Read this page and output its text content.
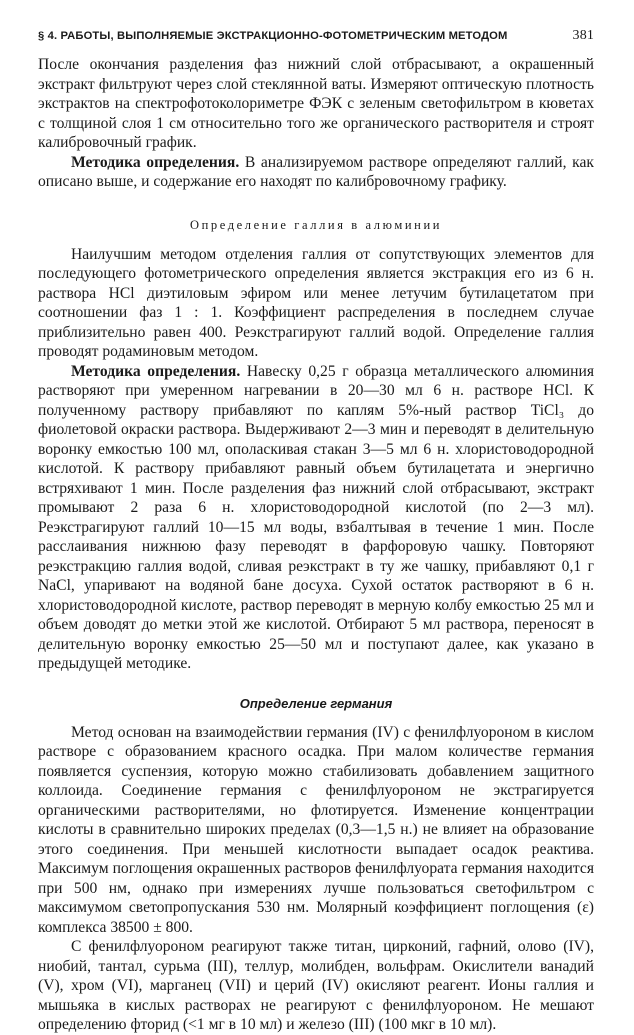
§ 4. РАБОТЫ, ВЫПОЛНЯЕМЫЕ ЭКСТРАКЦИОННО-ФОТОМЕТРИЧЕСКИМ МЕТОДОМ	381

После окончания разделения фаз нижний слой отбрасывают, а окрашенный экстракт фильтруют через слой стеклянной ваты. Измеряют оптическую плотность экстрактов на спектрофотоколориметре ФЭК с зеленым светофильтром в кюветах с толщиной слоя 1 см относительно того же органического растворителя и строят калибровочный график.

Методика определения. В анализируемом растворе определяют галлий, как описано выше, и содержание его находят по калибровочному графику.

Определение галлия в алюминии

Наилучшим методом отделения галлия от сопутствующих элементов для последующего фотометрического определения является экстракция его из 6 н. раствора HCl диэтиловым эфиром или менее летучим бутилацетатом при соотношении фаз 1 : 1. Коэффициент распределения в последнем случае приблизительно равен 400. Реэкстрагируют галлий водой. Определение галлия проводят родаминовым методом.

Методика определения. Навеску 0,25 г образца металлического алюминия растворяют при умеренном нагревании в 20—30 мл 6 н. растворе HCl. К полученному раствору прибавляют по каплям 5%-ный раствор TiCl₃ до фиолетовой окраски раствора. Выдерживают 2—3 мин и переводят в делительную воронку емкостью 100 мл, ополаскивая стакан 3—5 мл 6 н. хлористоводородной кислотой. К раствору прибавляют равный объем бутилацетата и энергично встряхивают 1 мин. После разделения фаз нижний слой отбрасывают, экстракт промывают 2 раза 6 н. хлористоводородной кислотой (по 2—3 мл). Реэкстрагируют галлий 10—15 мл воды, взбалтывая в течение 1 мин. После расслаивания нижнюю фазу переводят в фарфоровую чашку. Повторяют реэкстракцию галлия водой, сливая реэкстракт в ту же чашку, прибавляют 0,1 г NaCl, упаривают на водяной бане досуха. Сухой остаток растворяют в 6 н. хлористоводородной кислоте, раствор переводят в мерную колбу емкостью 25 мл и объем доводят до метки этой же кислотой. Отбирают 5 мл раствора, переносят в делительную воронку емкостью 25—50 мл и поступают далее, как указано в предыдущей методике.

Определение германия

Метод основан на взаимодействии германия (IV) с фенилфлуороном в кислом растворе с образованием красного осадка. При малом количестве германия появляется суспензия, которую можно стабилизовать добавлением защитного коллоида. Соединение германия с фенилфлуороном не экстрагируется органическими растворителями, но флотируется. Изменение концентрации кислоты в сравнительно широких пределах (0,3—1,5 н.) не влияет на образование этого соединения. При меньшей кислотности выпадает осадок реактива. Максимум поглощения окрашенных растворов фенилфлуората германия находится при 500 нм, однако при измерениях лучше пользоваться светофильтром с максимумом светопропускания 530 нм. Молярный коэффициент поглощения (ε) комплекса 38500 ± 800.

С фенилфлуороном реагируют также титан, цирконий, гафний, олово (IV), ниобий, тантал, сурьма (III), теллур, молибден, вольфрам. Окислители ванадий (V), хром (VI), марганец (VII) и церий (IV) окисляют реагент. Ионы галлия и мышьяка в кислых растворах не реагируют с фенилфлуороном. Не мешают определению фторид (<1 мг в 10 мл) и железо (III) (100 мкг в 10 мл).
